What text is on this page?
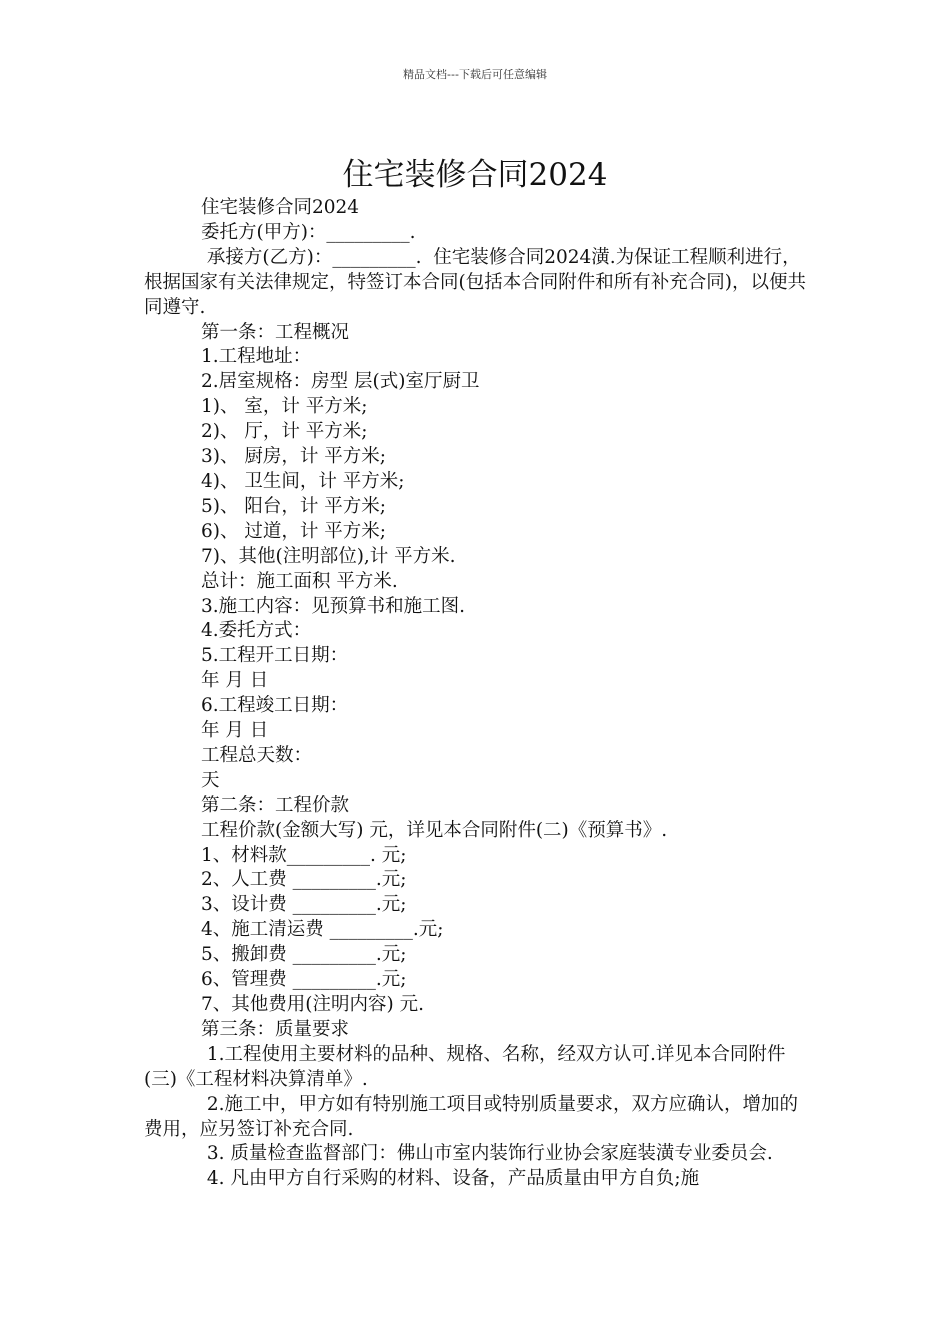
精品文档---下载后可任意编辑
住宅装修合同2024

住宅装修合同2024

委托方(甲方)：_________.

承接方(乙方)：_________.  住宅装修合同2024潢.为保证工程顺利进行，根据国家有关法律规定，特签订本合同(包括本合同附件和所有补充合同)，以便共同遵守.

第一条：工程概况

1.工程地址：

2.居室规格：房型 层(式)室厅厨卫

1)、 室，计 平方米;

2)、 厅，计 平方米;

3)、 厨房，计 平方米;

4)、 卫生间，计 平方米;

5)、 阳台，计 平方米;

6)、 过道，计 平方米;

7)、其他(注明部位),计 平方米.

总计：施工面积 平方米.

3.施工内容：见预算书和施工图.

4.委托方式：

5.工程开工日期：

年 月 日

6.工程竣工日期：

年 月 日

工程总天数：

天

第二条：工程价款

工程价款(金额大写) 元，详见本合同附件(二)《预算书》.

1、材料款_________. 元;

2、人工费 _________.元;

3、设计费 _________.元;

4、施工清运费 _________.元;

5、搬卸费 _________.元;

6、管理费 _________.元;

7、其他费用(注明内容) 元.

第三条：质量要求

1.工程使用主要材料的品种、规格、名称，经双方认可.详见本合同附件(三)《工程材料决算清单》.

2.施工中，甲方如有特别施工项目或特别质量要求，双方应确认，增加的费用，应另签订补充合同.

3. 质量检查监督部门：佛山市室内装饰行业协会家庭装潢专业委员会.

4. 凡由甲方自行采购的材料、设备，产品质量由甲方自负;施
